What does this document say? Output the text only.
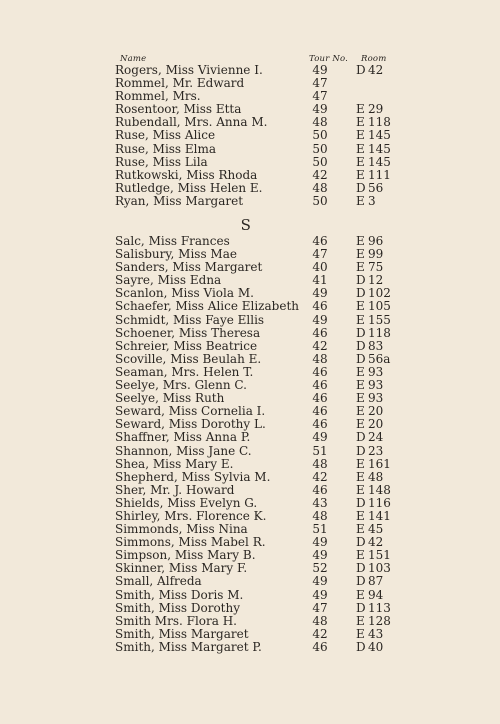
Name	Tour No. Room
Rogers, Miss Vivienne I.	49 D 42
Rommel, Mr. Edward	47
Rommel, Mrs.	47
Rosentoor, Miss Etta	49 E 29
Rubendall, Mrs. Anna M.	48 E 118
Ruse, Miss Alice	50 E 145
Ruse, Miss Elma	50 E 145
Ruse, Miss Lila	50 E 145
Rutkowski, Miss Rhoda	42 E 111
Rutledge, Miss Helen E.	48 D 56
Ryan, Miss Margaret	50 E 3
S
Salc, Miss Frances	46 E 96
Salisbury, Miss Mae	47 E 99
Sanders, Miss Margaret	40 E 75
Sayre, Miss Edna	41 D 12
Scanlon, Miss Viola M.	49 D 102
Schaefer, Miss Alice Elizabeth 46 E 105
Schmidt, Miss Faye Ellis	49 E 155
Schoener, Miss Theresa	46 D 118
Schreier, Miss Beatrice	42 D 83
Scoville, Miss Beulah E.	48 D 56a
Seaman, Mrs. Helen T.	46 E 93
Seelye, Mrs. Glenn C.	46 E 93
Seelye, Miss Ruth	46 E 93
Seward, Miss Cornelia I.	46 E 20
Seward, Miss Dorothy L.	46 E 20
Shaffner, Miss Anna P.	49 D 24
Shannon, Miss Jane C.	51 D 23
Shea, Miss Mary E.	48 E 161
Shepherd, Miss Sylvia M.	42 E 48
Sher, Mr. J. Howard	46 E 148
Shields, Miss Evelyn G.	43 D 116
Shirley, Mrs. Florence K.	48 E 141
Simmonds, Miss Nina	51 E 45
Simmons, Miss Mabel R.	49 D 42
Simpson, Miss Mary B.	49 E 151
Skinner, Miss Mary F.	52 D 103
Small, Alfreda	49 D 87
Smith, Miss Doris M.	49 E 94
Smith, Miss Dorothy	47 D 113
Smith Mrs. Flora H.	48 E 128
Smith, Miss Margaret	42 E 43
Smith, Miss Margaret P.	46 D 40
